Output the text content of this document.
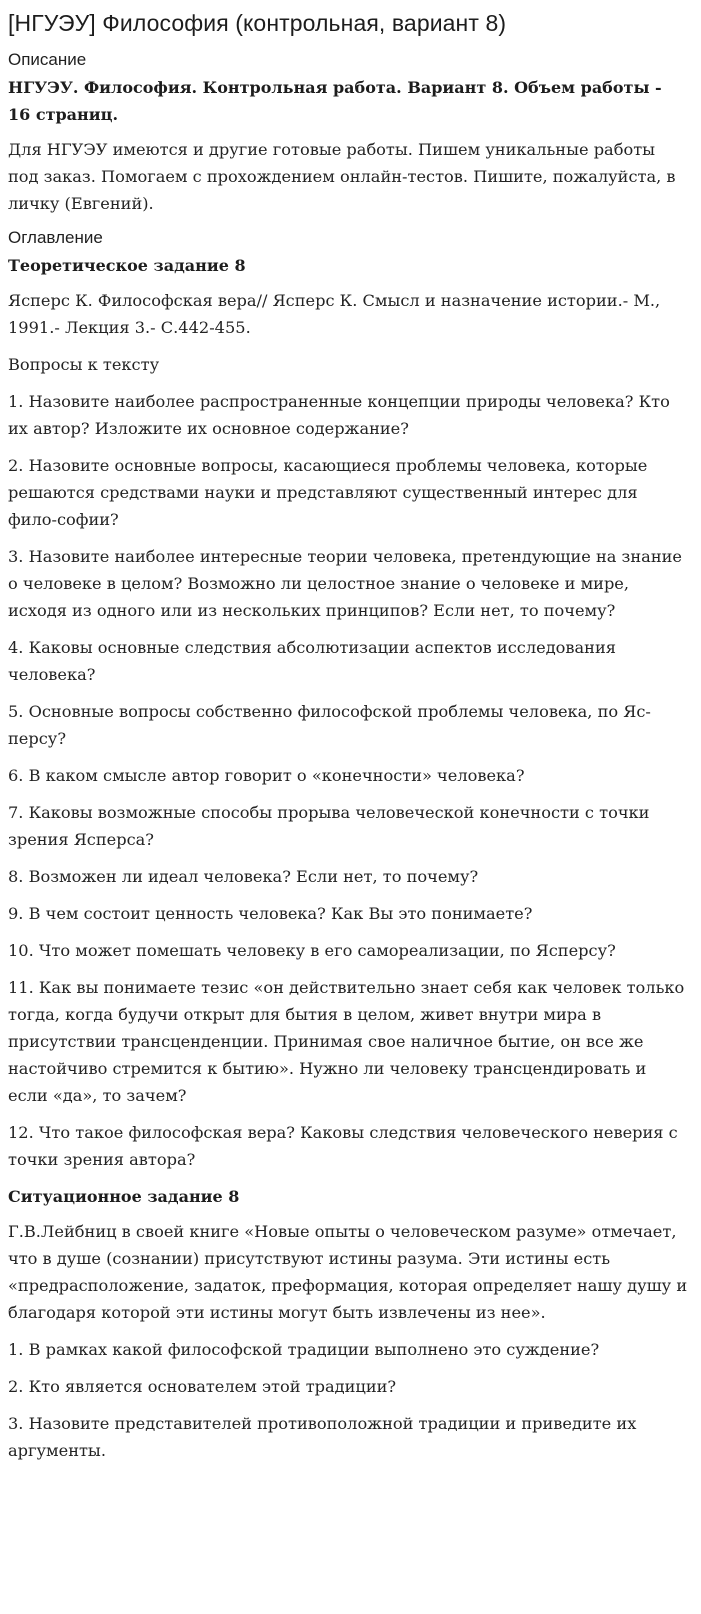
[НГУЭУ] Философия (контрольная, вариант 8)
Описание
НГУЭУ. Философия. Контрольная работа. Вариант 8. Объем работы - 16 страниц.
Для НГУЭУ имеются и другие готовые работы. Пишем уникальные работы под заказ. Помогаем с прохождением онлайн-тестов. Пишите, пожалуйста, в личку (Евгений).
Оглавление
Теоретическое задание 8
Ясперс К. Философская вера// Ясперс К. Смысл и назначение истории.- М., 1991.- Лекция 3.- С.442-455.
Вопросы к тексту
1. Назовите наиболее распространенные концепции природы человека? Кто их автор? Изложите их основное содержание?
2. Назовите основные вопросы, касающиеся проблемы человека, которые решаются средствами науки и представляют существенный интерес для фило-софии?
3. Назовите наиболее интересные теории человека, претендующие на знание о человеке в целом? Возможно ли целостное знание о человеке и мире, исходя из одного или из нескольких принципов? Если нет, то почему?
4. Каковы основные следствия абсолютизации аспектов исследования человека?
5. Основные вопросы собственно философской проблемы человека, по Яс-персу?
6. В каком смысле автор говорит о «конечности» человека?
7. Каковы возможные способы прорыва человеческой конечности с точки зрения Ясперса?
8. Возможен ли идеал человека? Если нет, то почему?
9. В чем состоит ценность человека? Как Вы это понимаете?
10. Что может помешать человеку в его самореализации, по Ясперсу?
11. Как вы понимаете тезис «он действительно знает себя как человек только тогда, когда будучи открыт для бытия в целом, живет внутри мира в присутствии трансценденции. Принимая свое наличное бытие, он все же настойчиво стремится к бытию». Нужно ли человеку трансцендировать и если «да», то зачем?
12. Что такое философская вера? Каковы следствия человеческого неверия с точки зрения автора?
Ситуационное задание 8
Г.В.Лейбниц в своей книге «Новые опыты о человеческом разуме» отмечает, что в душе (сознании) присутствуют истины разума. Эти истины есть «предрасположение, задаток, преформация, которая определяет нашу душу и благодаря которой эти истины могут быть извлечены из нее».
1. В рамках какой философской традиции выполнено это суждение?
2. Кто является основателем этой традиции?
3. Назовите представителей противоположной традиции и приведите их аргументы.
